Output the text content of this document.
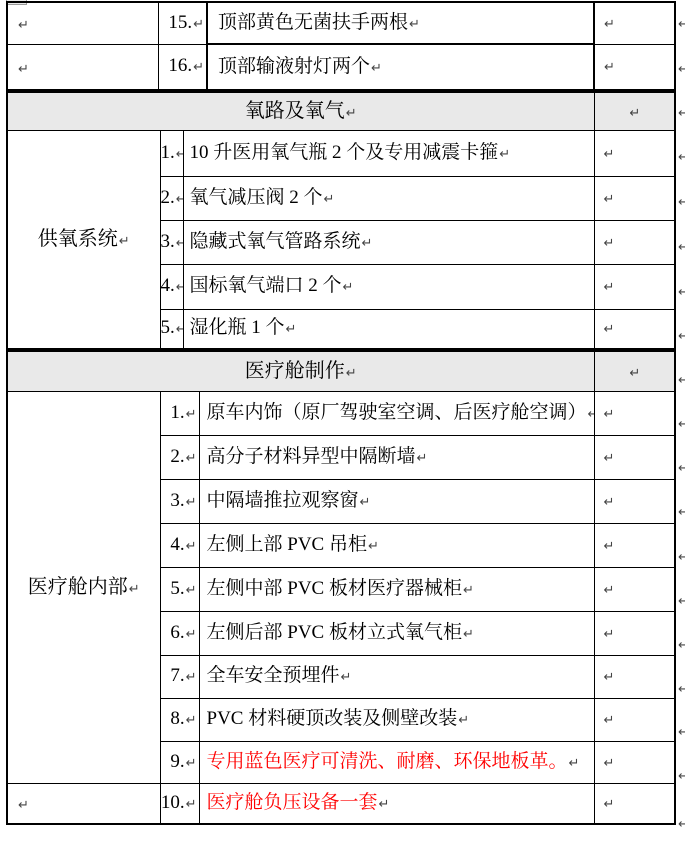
↵	15. ↵	顶部黄色无菌扶手两根 ↵	↵
↵	16. ↵	顶部输液射灯两个 ↵	↵
氧路及氧气 ↵	↵
供氧系统 ↵	1. ↵	10 升医用氧气瓶 2 个及专用减震卡箍 ↵	↵
	2. ↵	氧气减压阀 2 个 ↵	↵
	3. ↵	隐藏式氧气管路系统 ↵	↵
	4. ↵	国标氧气端口 2 个 ↵	↵
	5. ↵	湿化瓶 1 个 ↵	↵
医疗舱制作 ↵	↵
医疗舱内部 ↵	1. ↵	原车内饰（原厂驾驶室空调、后医疗舱空调） ↵	↵
	2. ↵	高分子材料异型中隔断墙 ↵	↵
	3. ↵	中隔墙推拉观察窗 ↵	↵
	4. ↵	左侧上部 PVC 吊柜 ↵	↵
	5. ↵	左侧中部 PVC 板材医疗器械柜 ↵	↵
	6. ↵	左侧后部 PVC 板材立式氧气柜 ↵	↵
	7. ↵	全车安全预埋件 ↵	↵
	8. ↵	PVC 材料硬顶改装及侧壁改装 ↵	↵
	9. ↵	专用蓝色医疗可清洗、耐磨、环保地板革。 ↵	↵
↵	10. ↵	医疗舱负压设备一套 ↵	↵
↵
↵
↵
↵
↵
↵
↵
↵
↵
↵
↵
↵
↵
↵
↵
↵
↵
↵
↵
